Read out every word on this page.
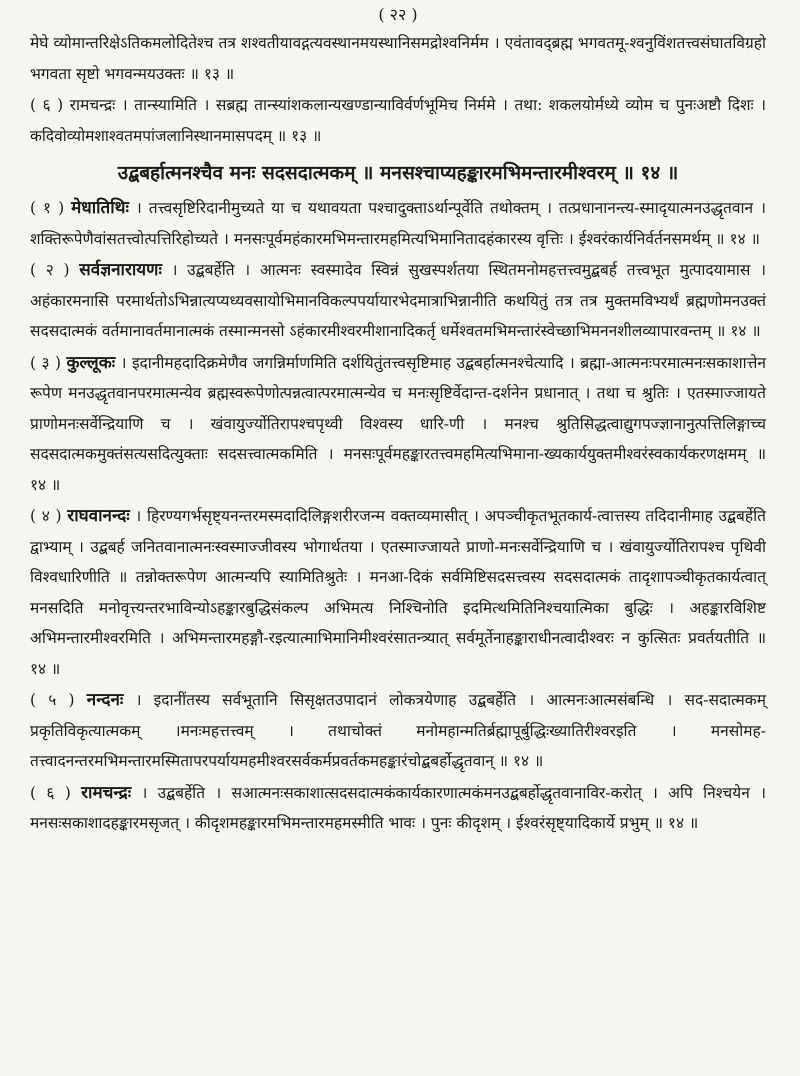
( २२ )

मेघे व्योमान्तरिक्षेऽतिकमलोदितेश्च तत्र शश्वतीयावद्गत्यवस्थानमयस्थानिसमद्रोश्वनिर्मम । एवंतावद्ब्रह्म भगवतमू-श्वनुविंशतत्त्वसंघातविग्रहो भगवता सृष्टो भगवन्मयउक्तः ॥ १३ ॥

( ६ ) रामचन्द्रः । तान्स्यामिति । सब्रह्म तान्स्यांशकलान्यखण्डान्याविर्वर्णभूमिच निर्ममे । तथा: शकलयोर्मध्ये व्योम च पुनःअष्टौ दिशः । कदिवोव्योमशाश्वतमपांजलानिस्थानमासपदम् ॥ १३ ॥

उद्बबर्हात्मनश्चैव मनः सदसदात्मकम् ॥ मनसश्चाप्यहङ्कारमभिमन्तारमीश्वरम् ॥ १४ ॥

( १ ) मेधातिथिः । तत्त्वसृष्टिरिदानीमुच्यते या च यथावयता पश्चादुक्ताऽर्थान्पूर्वेति तथोक्तम् । तत्प्रधानानन्त्य-स्मादृयात्मनउद्धृतवान । शक्तिरूपेणैवांसतत्त्वोत्पत्तिरिहोच्यते । मनसःपूर्वमहंकारमभिमन्तारमहमित्यभिमानितादहंकारस्य वृत्तिः । ईश्वरंकार्यनिर्वर्तनसमर्थम् ॥ १४ ॥

( २ ) सर्वज्ञनारायणः । उद्बबर्हेति । आत्मनः स्वस्मादेव स्विन्नं सुखस्पर्शतया स्थितमनोमहत्तत्त्वमुद्बबर्ह तत्त्वभूत मुत्पादयामास । अहंकारमनासि परमार्थतोऽभिन्नात्यप्यध्यवसायोभिमानविकल्पपर्यायारभेदमात्राभिन्नानीति कथयितुं तत्र तत्र मुक्तमविभ्यर्थं ब्रह्मणोमनउक्तं सदसदात्मकं वर्तमानावर्तमानात्मकं तस्मान्मनसो ऽहंकारमीश्वरमीशानादिकर्तृ धर्मेश्वतमभिमन्तारंस्वेच्छाभिमननशीलव्यापारवन्तम् ॥ १४ ॥

( ३ ) कुल्लूकः । इदानीमहदादिक्रमेणैव जगन्निर्माणमिति दर्शयितुंतत्त्वसृष्टिमाह उद्बबर्हात्मनश्चेत्यादि । ब्रह्मा-आत्मनःपरमात्मनःसकाशात्तेन रूपेण मनउद्धृतवानपरमात्मन्येव ब्रह्मस्वरूपेणोत्पन्नत्वात्परमात्मन्येव च मनःसृष्टिर्वेदान्त-दर्शनेन प्रधानात् । तथा च श्रुतिः । एतस्माज्जायते प्राणोमनःसर्वेन्द्रियाणि च । खंवायुर्ज्योतिरापश्चपृथ्वी विश्वस्य धारि-णी । मनश्च श्रुतिसिद्धत्वाद्युगपज्ज्ञानानुत्पत्तिलिङ्गाच्च सदसदात्मकमुक्तंसत्यसदित्युक्ताः सदसत्त्वात्मकमिति । मनसःपूर्वमहङ्कारतत्त्वमहमित्यभिमाना-ख्यकार्ययुक्तमीश्वरंस्वकार्यकरणक्षमम् ॥ १४ ॥

( ४ ) राघवानन्दः । हिरण्यगर्भसृष्ट्यनन्तरमस्मदादिलिङ्गशरीरजन्म वक्तव्यमासीत् । अपञ्चीकृतभूतकार्य-त्वात्तस्य तदिदानीमाह उद्बबर्हेति द्वाभ्याम् । उद्बबर्ह जनितवानात्मनःस्वस्माज्जीवस्य भोगार्थतया । एतस्माज्जायते प्राणो-मनःसर्वेन्द्रियाणि च । खंवायुर्ज्योतिरापश्च पृथिवी विश्वधारिणीति ॥ तन्नोक्तरूपेण आत्मन्यपि स्यामितिश्रुतेः । मनआ-दिकं सर्वमिष्टिसदसत्त्वस्य सदसदात्मकं तादृशापञ्चीकृतकार्यत्वात् मनसदिति मनोवृत्त्यन्तरभाविन्योऽहङ्कारबुद्धिसंकल्प अभिमत्य निश्चिनोति इदमित्थमितिनिश्चयात्मिका बुद्धिः । अहङ्कारविशिष्ट अभिमन्तारमीश्वरमिति । अभिमन्तारमहङ्गौ-रइत्यात्माभिमानिमीश्वरंसातन्त्र्यात् सर्वमूर्तेनाहङ्काराधीनत्वादीश्वरः न कुत्सितः प्रवर्तयतीति ॥ १४ ॥

( ५ ) नन्दनः । इदानींतस्य सर्वभूतानि सिसृक्षतउपादानं लोकत्रयेणाह उद्बबर्हेति । आत्मनःआत्मसंबन्धि । सद-सदात्मकम् प्रकृतिविकृत्यात्मकम् ।मनःमहत्तत्त्वम् । तथाचोक्तं मनोमहान्मतिर्ब्रह्मापूर्बुद्धिःख्यातिरीश्वरइति । मनसोमह-तत्त्वादनन्तरमभिमन्तारमस्मितापरपर्यायमहमीश्वरसर्वकर्मप्रवर्तकमहङ्कारंचोद्बबर्होद्धृतवान् ॥ १४ ॥

( ६ ) रामचन्द्रः । उद्बबर्हेति । सआत्मनःसकाशात्सदसदात्मकंकार्यकारणात्मकंमनउद्बबर्होद्धृतवानाविर-करोत् । अपि निश्चयेन । मनसःसकाशादहङ्कारमसृजत् । कीदृशमहङ्कारमभिमन्तारमहमस्मीति भावः । पुनः कीदृशम् । ईश्वरंसृष्ट्यादिकार्ये प्रभुम् ॥ १४ ॥
